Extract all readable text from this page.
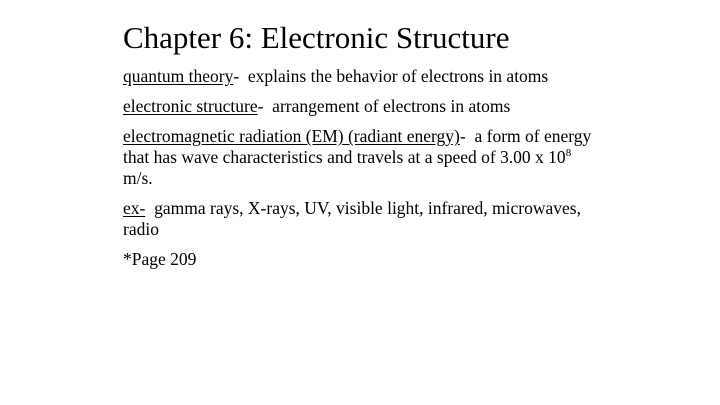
Chapter 6: Electronic Structure

quantum theory-  explains the behavior of electrons in atoms

electronic structure-  arrangement of electrons in atoms

electromagnetic radiation (EM) (radiant energy)-  a form of energy that has wave characteristics and travels at a speed of 3.00 x $10^8$ m/s.

ex-  gamma rays, X-rays, UV, visible light, infrared, microwaves, radio

*Page 209
